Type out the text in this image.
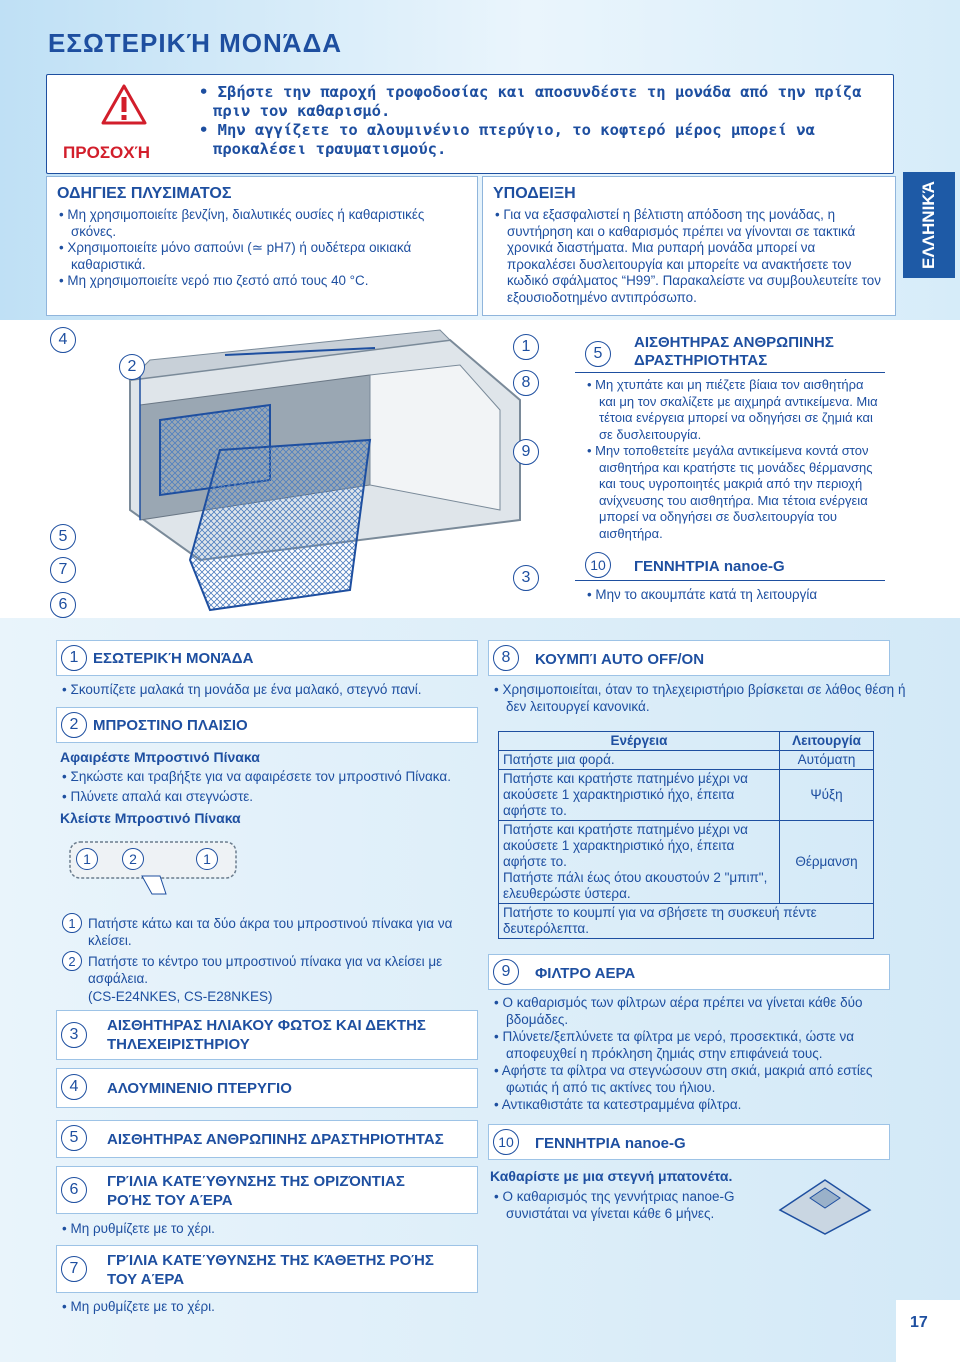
ΕΣΩΤΕΡΙΚΉ ΜΟΝΆΔΑ
ΕΛΛΗΝΙΚΆ
ΠΡΟΣΟΧΉ
• Σβήστε την παροχή τροφοδοσίας και αποσυνδέστε τη μονάδα από την πρίζα πριν τον καθαρισμό.
• Μην αγγίζετε το αλουμινένιο πτερύγιο, το κοφτερό μέρος μπορεί να προκαλέσει τραυματισμούς.
ΟΔΗΓΙΕΣ ΠΛΥΣΙΜΑΤΟΣ
• Μη χρησιμοποιείτε βενζίνη, διαλυτικές ουσίες ή καθαριστικές σκόνες.
• Χρησιμοποιείτε μόνο σαπούνι (≃ pH7) ή ουδέτερα οικιακά καθαριστικά.
• Μη χρησιμοποιείτε νερό πιο ζεστό από τους 40 °C.
ΥΠΟΔΕΙΞΗ
• Για να εξασφαλιστεί η βέλτιστη απόδοση της μονάδας, η συντήρηση και ο καθαρισμός πρέπει να γίνονται σε τακτικά χρονικά διαστήματα. Μια ρυπαρή μονάδα μπορεί να προκαλέσει δυσλειτουργία και μπορείτε να ανακτήσετε τον κωδικό σφάλματος “H99”. Παρακαλείστε να συμβουλευτείτε τον εξουσιοδοτημένο αντιπρόσωπο.
4
2
5
7
6
1
8
9
3
5
ΑΙΣΘΗΤΗΡΑΣ ΑΝΘΡΩΠΙΝΗΣ ΔΡΑΣΤΗΡΙΟΤΗΤΑΣ
• Μη χτυπάτε και μη πιέζετε βίαια τον αισθητήρα και μη τον σκαλίζετε με αιχμηρά αντικείμενα. Μια τέτοια ενέργεια μπορεί να οδηγήσει σε ζημιά και σε δυσλειτουργία.
• Μην τοποθετείτε μεγάλα αντικείμενα κοντά στον αισθητήρα και κρατήστε τις μονάδες θέρμανσης και τους υγροποιητές μακριά από την περιοχή ανίχνευσης του αισθητήρα. Μια τέτοια ενέργεια μπορεί να οδηγήσει σε δυσλειτουργία του αισθητήρα.
10	ΓΕΝΝΗΤΡΙΑ nanoe-G
• Μην το ακουμπάτε κατά τη λειτουργία
1 ΕΣΩΤΕΡΙΚΉ ΜΟΝΆΔΑ
• Σκουπίζετε μαλακά τη μονάδα με ένα μαλακό, στεγνό πανί.
2 ΜΠΡΟΣΤΙΝΟ ΠΛΑΙΣΙΟ
Αφαιρέστε Μπροστινό Πίνακα
• Σηκώστε και τραβήξτε για να αφαιρέσετε τον μπροστινό Πίνακα.
• Πλύνετε απαλά και στεγνώστε.
Κλείστε Μπροστινό Πίνακα
1	2	1
1 Πατήστε κάτω και τα δύο άκρα του μπροστινού πίνακα για να κλείσει.
2 Πατήστε το κέντρο του μπροστινού πίνακα για να κλείσει με ασφάλεια.
(CS-E24NKES, CS-E28NKES)
3
ΑΙΣΘΗΤΗΡΑΣ ΗΛΙΑΚΟΥ ΦΩΤΟΣ ΚΑΙ ΔΕΚΤΗΣ ΤΗΛΕΧΕΙΡΙΣΤΗΡΙΟΥ
4	ΑΛΟΥΜΙΝΕΝΙΟ ΠΤΕΡΥΓΙΟ
5	ΑΙΣΘΗΤΗΡΑΣ ΑΝΘΡΩΠΙΝΗΣ ΔΡΑΣΤΗΡΙΟΤΗΤΑΣ
6	ΓΡΊΛΙΑ ΚΑΤΕΎΘΥΝΣΗΣ ΤΗΣ ΟΡΙΖΌΝΤΙΑΣ ΡΟΉΣ ΤΟΥ ΑΈΡΑ
• Μη ρυθμίζετε με το χέρι.
7	ΓΡΊΛΙΑ ΚΑΤΕΎΘΥΝΣΗΣ ΤΗΣ ΚΆΘΕΤΗΣ ΡΟΉΣ ΤΟΥ ΑΈΡΑ
• Μη ρυθμίζετε με το χέρι.
8	ΚΟΥΜΠΊ AUTO OFF/ON
• Χρησιμοποιείται, όταν το τηλεχειριστήριο βρίσκεται σε λάθος θέση ή δεν λειτουργεί κανονικά.
Ενέργεια	Λειτουργία
Πατήστε μια φορά.	Αυτόματη
Πατήστε και κρατήστε πατημένο μέχρι να ακούσετε 1 χαρακτηριστικό ήχο, έπειτα αφήστε το.	Ψύξη

Πατήστε και κρατήστε πατημένο μέχρι να ακούσετε 1 χαρακτηριστικό ήχο, έπειτα αφήστε το.
Πατήστε πάλι έως ότου ακουστούν 2 "μπιπ", ελευθερώστε ύστερα.	Θέρμανση
Πατήστε το κουμπί για να σβήσετε τη συσκευή πέντε δευτερόλεπτα.	
9	ΦΙΛΤΡΟ ΑΕΡΑ
• Ο καθαρισμός των φίλτρων αέρα πρέπει να γίνεται κάθε δύο βδομάδες.
• Πλύνετε/ξεπλύνετε τα φίλτρα με νερό, προσεκτικά, ώστε να αποφευχθεί η πρόκληση ζημιάς στην επιφάνειά τους.
• Αφήστε τα φίλτρα να στεγνώσουν στη σκιά, μακριά από εστίες φωτιάς ή από τις ακτίνες του ήλιου.
• Αντικαθιστάτε τα κατεστραμμένα φίλτρα.
10	ΓΕΝΝΗΤΡΙΑ nanoe-G
Καθαρίστε με μια στεγνή μπατονέτα.
• Ο καθαρισμός της γεννήτριας nanoe-G συνιστάται να γίνεται κάθε 6 μήνες.
17
